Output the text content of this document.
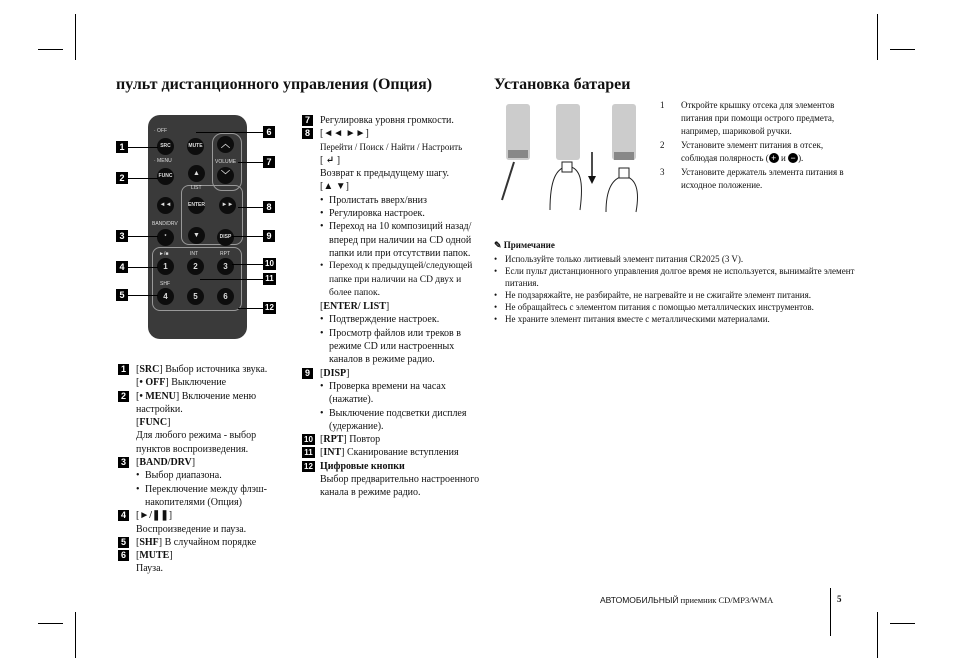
пульт дистанционного управления (Опция)	Установка батареи
· OFF
SRC	MUTE	︿
VOLUME
﹀
· MENU
FUNC	▲
LIST
◄◄	ENTER	►►
▼
BAND/DRV
*	DISP
►/■	INT	RPT
1	2	3
SHF
4	5	6
1
2
3
4
5
6
7
8
9
10
11
12
1	[SRC] Выбор источника звука.
[• OFF] Выключение
2	[• MENU] Включение меню настройки.
[FUNC]
Для любого режима - выбор пунктов воспроизведения.
3	[BAND/DRV]
• Выбор диапазона.
• Переключение между флэш-накопителями (Опция)
4	[►/❚❚]
Воспроизведение и пауза.
5	[SHF] В случайном порядке
6	[MUTE]
Пауза.
7	Регулировка уровня громкости.
8	[◄◄ ►►]
Перейти / Поиск / Найти / Настроить
[ ↵ ]
Возврат к предыдущему шагу.
[▲ ▼]
• Пролистать вверх/вниз
• Регулировка настроек.
• Переход на 10 композиций назад/вперед при наличии на CD одной папки или при отсутствии папок.
• Переход к предыдущей/следующей папке при наличии на CD двух и более папок.
[ENTER/ LIST]
• Подтверждение настроек.
• Просмотр файлов или треков в режиме CD или настроенных каналов в режиме радио.
9	[DISP]
• Проверка времени на часах (нажатие).
• Выключение подсветки дисплея (удержание).
10 [RPT] Повтор
11 [INT] Сканирование вступления
12 Цифровые кнопки
Выбор предварительно настроенного канала в режиме радио.
1 Откройте крышку отсека для элементов питания при помощи острого предмета, например, шариковой ручки.
2 Установите элемент питания в отсек, соблюдая полярность ( + и − ).
3 Установите держатель элемента питания в исходное положение.
✎ Примечание
• Используйте только литиевый элемент питания CR2025 (3 V).
• Если пульт дистанционного управления долгое время не используется, вынимайте элемент питания.
• Не подзаряжайте, не разбирайте, не нагревайте и не сжигайте элемент питания.
• Не обращайтесь с элементом питания с помощью металлических инструментов.
• Не храните элемент питания вместе с металлическими материалами.
АВТОМОБИЛЬНЫЙ приемник CD/MP3/WMA	5
